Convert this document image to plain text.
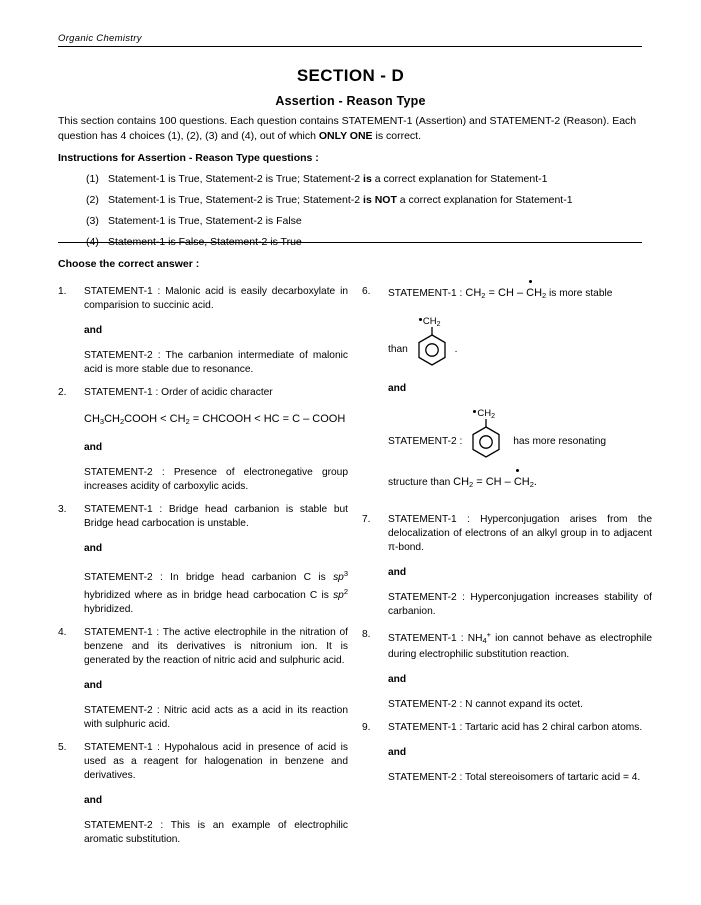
Organic Chemistry
SECTION - D
Assertion - Reason Type
This section contains 100 questions. Each question contains STATEMENT-1 (Assertion) and STATEMENT-2 (Reason). Each question has 4 choices (1), (2), (3) and (4), out of which ONLY ONE is correct.
Instructions for Assertion - Reason Type questions :
(1) Statement-1 is True, Statement-2 is True; Statement-2 is a correct explanation for Statement-1
(2) Statement-1 is True, Statement-2 is True; Statement-2 is NOT a correct explanation for Statement-1
(3) Statement-1 is True, Statement-2 is False
(4) Statement-1 is False, Statement-2 is True
Choose the correct answer :
1.	STATEMENT-1 : Malonic acid is easily decarboxylate in comparision to succinic acid.

and

STATEMENT-2 : The carbanion intermediate of malonic acid is more stable due to resonance.

2.	STATEMENT-1 : Order of acidic character

$CH_3CH_2COOH < CH_2$ = CHCOOH < HC = C – COOH

and

STATEMENT-2 : Presence of electronegative group increases acidity of carboxylic acids.

3.	STATEMENT-1 : Bridge head carbanion is stable but Bridge head carbocation is unstable.

and

STATEMENT-2 : In bridge head carbanion C is $sp^3$ hybridized where as in bridge head carbocation C is $sp^2$ hybridized.

4.	STATEMENT-1 : The active electrophile in the nitration of benzene and its derivatives is nitronium ion. It is generated by the reaction of nitric acid and sulphuric acid.

and

STATEMENT-2 : Nitric acid acts as a acid in its reaction with sulphuric acid.

5.	STATEMENT-1 : Hypohalous acid in presence of acid is used as a reagent for halogenation in benzene and derivatives.

and

STATEMENT-2 : This is an example of electrophilic aromatic substitution.

6.	STATEMENT-1 : $CH_2$ = CH – $CH_2$ is more stable

than

$CH_2$
.

and

STATEMENT-2 :

$CH_2$
has more resonating

structure than $CH_2$ = CH – $CH_2$.

7.	STATEMENT-1 : Hyperconjugation arises from the delocalization of electrons of an alkyl group in to adjacent π-bond.

and

STATEMENT-2 : Hyperconjugation increases stability of carbanion.

8.	STATEMENT-1 : $NH_4^+$ ion cannot behave as electrophile during electrophilic substitution reaction.

and

STATEMENT-2 : N cannot expand its octet.

9.	STATEMENT-1 : Tartaric acid has 2 chiral carbon atoms.

and

STATEMENT-2 : Total stereoisomers of tartaric acid = 4.
